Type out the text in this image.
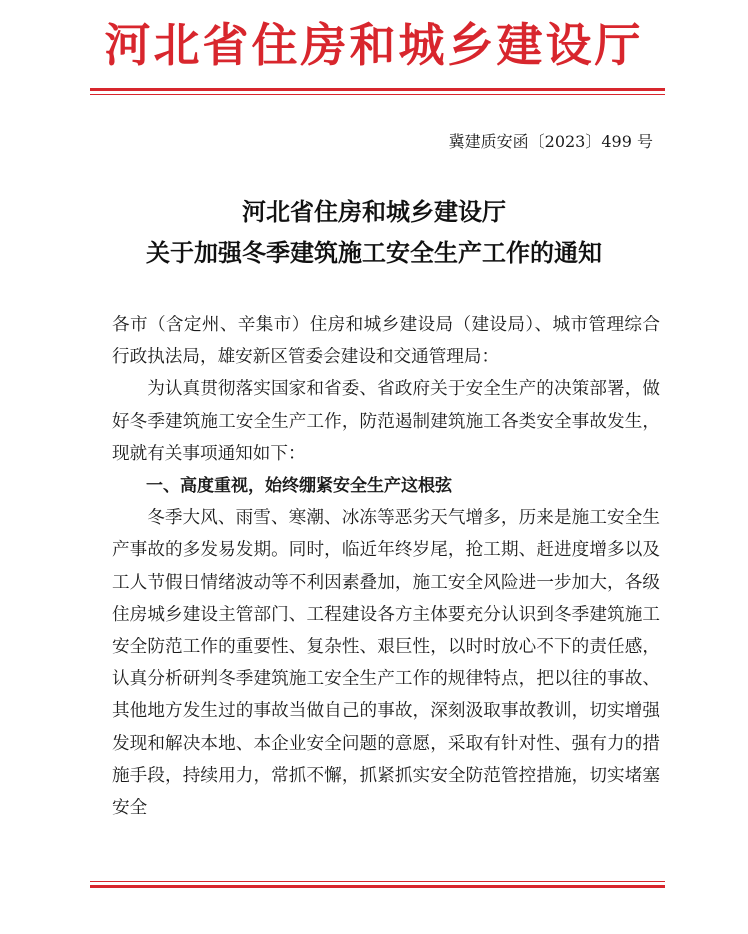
河北省住房和城乡建设厅
冀建质安函〔2023〕499 号
河北省住房和城乡建设厅
关于加强冬季建筑施工安全生产工作的通知

各市（含定州、辛集市）住房和城乡建设局（建设局）、城市管理综合行政执法局，雄安新区管委会建设和交通管理局：

为认真贯彻落实国家和省委、省政府关于安全生产的决策部署，做好冬季建筑施工安全生产工作，防范遏制建筑施工各类安全事故发生，现就有关事项通知如下：

一、高度重视，始终绷紧安全生产这根弦

冬季大风、雨雪、寒潮、冰冻等恶劣天气增多，历来是施工安全生产事故的多发易发期。同时，临近年终岁尾，抢工期、赶进度增多以及工人节假日情绪波动等不利因素叠加，施工安全风险进一步加大，各级住房城乡建设主管部门、工程建设各方主体要充分认识到冬季建筑施工安全防范工作的重要性、复杂性、艰巨性，以时时放心不下的责任感，认真分析研判冬季建筑施工安全生产工作的规律特点，把以往的事故、其他地方发生过的事故当做自己的事故，深刻汲取事故教训，切实增强发现和解决本地、本企业安全问题的意愿，采取有针对性、强有力的措施手段，持续用力，常抓不懈，抓紧抓实安全防范管控措施，切实堵塞安全
